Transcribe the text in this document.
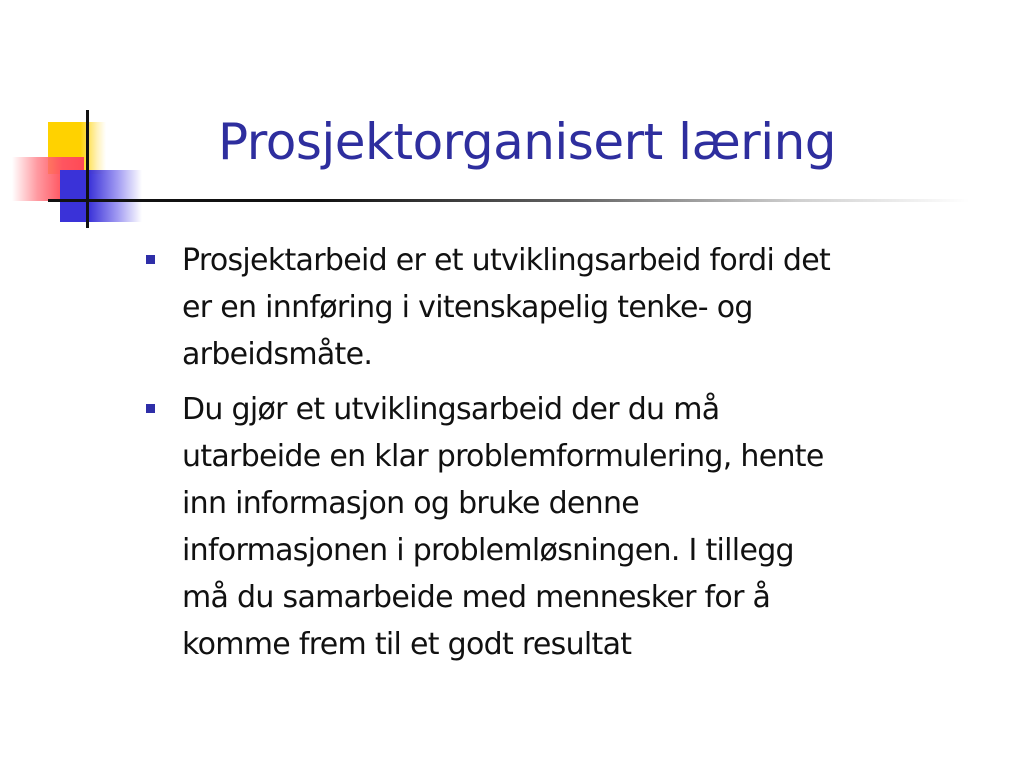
Prosjektorganisert læring
Prosjektarbeid er et utviklingsarbeid fordi det
er en innføring i vitenskapelig tenke- og
arbeidsmåte.
Du gjør et utviklingsarbeid der du må
utarbeide en klar problemformulering, hente
inn informasjon og bruke denne
informasjonen i problemløsningen. I tillegg
må du samarbeide med mennesker for å
komme frem til et godt resultat
